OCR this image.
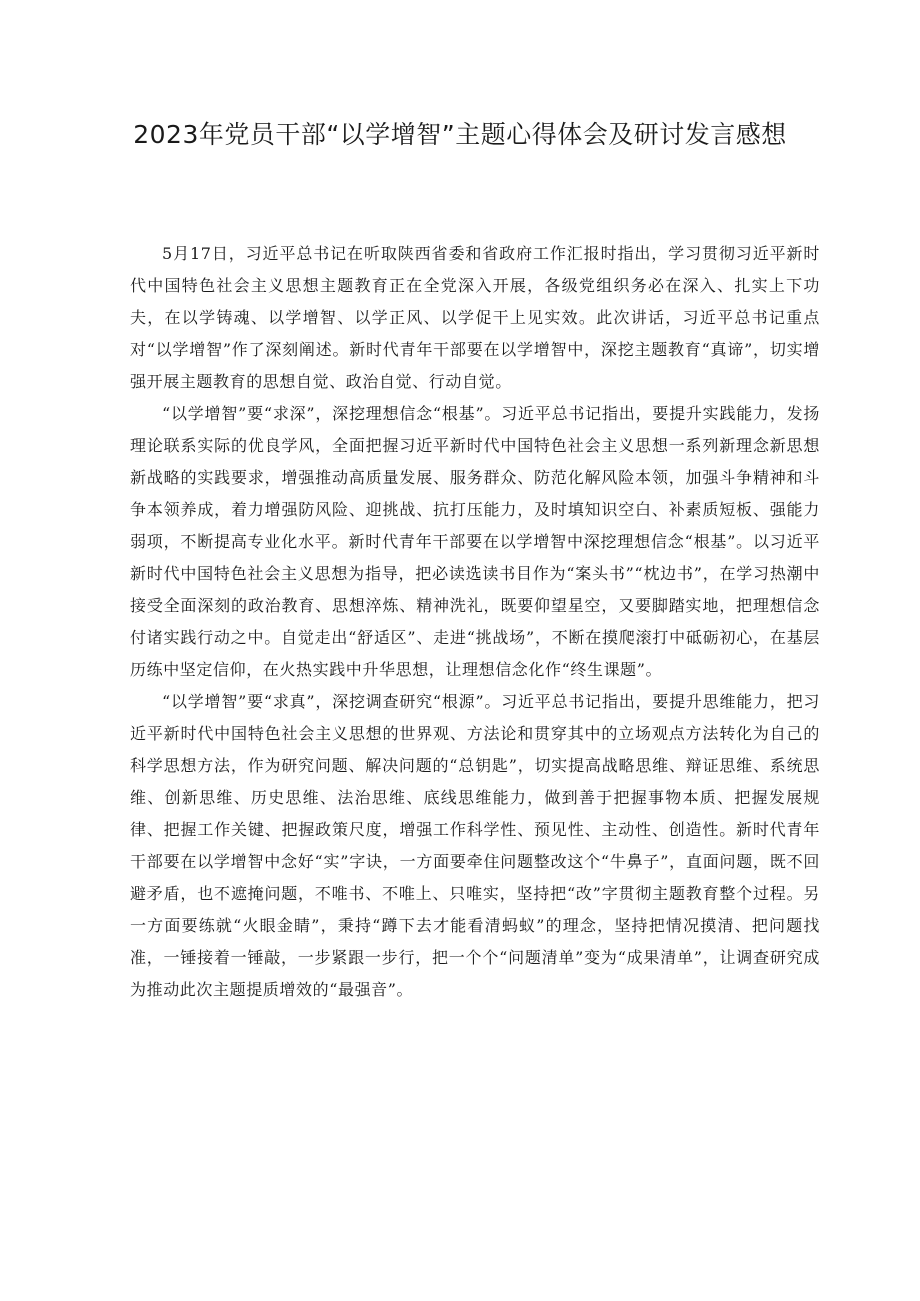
2023年党员干部“以学增智”主题心得体会及研讨发言感想

5月17日，习近平总书记在听取陕西省委和省政府工作汇报时指出，学习贯彻习近平新时代中国特色社会主义思想主题教育正在全党深入开展，各级党组织务必在深入、扎实上下功夫，在以学铸魂、以学增智、以学正风、以学促干上见实效。此次讲话，习近平总书记重点对“以学增智”作了深刻阐述。新时代青年干部要在以学增智中，深挖主题教育“真谛”，切实增强开展主题教育的思想自觉、政治自觉、行动自觉。

“以学增智”要“求深”，深挖理想信念“根基”。习近平总书记指出，要提升实践能力，发扬理论联系实际的优良学风，全面把握习近平新时代中国特色社会主义思想一系列新理念新思想新战略的实践要求，增强推动高质量发展、服务群众、防范化解风险本领，加强斗争精神和斗争本领养成，着力增强防风险、迎挑战、抗打压能力，及时填知识空白、补素质短板、强能力弱项，不断提高专业化水平。新时代青年干部要在以学增智中深挖理想信念“根基”。以习近平新时代中国特色社会主义思想为指导，把必读选读书目作为“案头书”“枕边书”，在学习热潮中接受全面深刻的政治教育、思想淬炼、精神洗礼，既要仰望星空，又要脚踏实地，把理想信念付诸实践行动之中。自觉走出“舒适区”、走进“挑战场”，不断在摸爬滚打中砥砺初心，在基层历练中坚定信仰，在火热实践中升华思想，让理想信念化作“终生课题”。

“以学增智”要“求真”，深挖调查研究“根源”。习近平总书记指出，要提升思维能力，把习近平新时代中国特色社会主义思想的世界观、方法论和贯穿其中的立场观点方法转化为自己的科学思想方法，作为研究问题、解决问题的“总钥匙”，切实提高战略思维、辩证思维、系统思维、创新思维、历史思维、法治思维、底线思维能力，做到善于把握事物本质、把握发展规律、把握工作关键、把握政策尺度，增强工作科学性、预见性、主动性、创造性。新时代青年干部要在以学增智中念好“实”字诀，一方面要牵住问题整改这个“牛鼻子”，直面问题，既不回避矛盾，也不遮掩问题，不唯书、不唯上、只唯实，坚持把“改”字贯彻主题教育整个过程。另一方面要练就“火眼金睛”，秉持“蹲下去才能看清蚂蚁”的理念，坚持把情况摸清、把问题找准，一锤接着一锤敲，一步紧跟一步行，把一个个“问题清单”变为“成果清单”，让调查研究成为推动此次主题提质增效的“最强音”。
